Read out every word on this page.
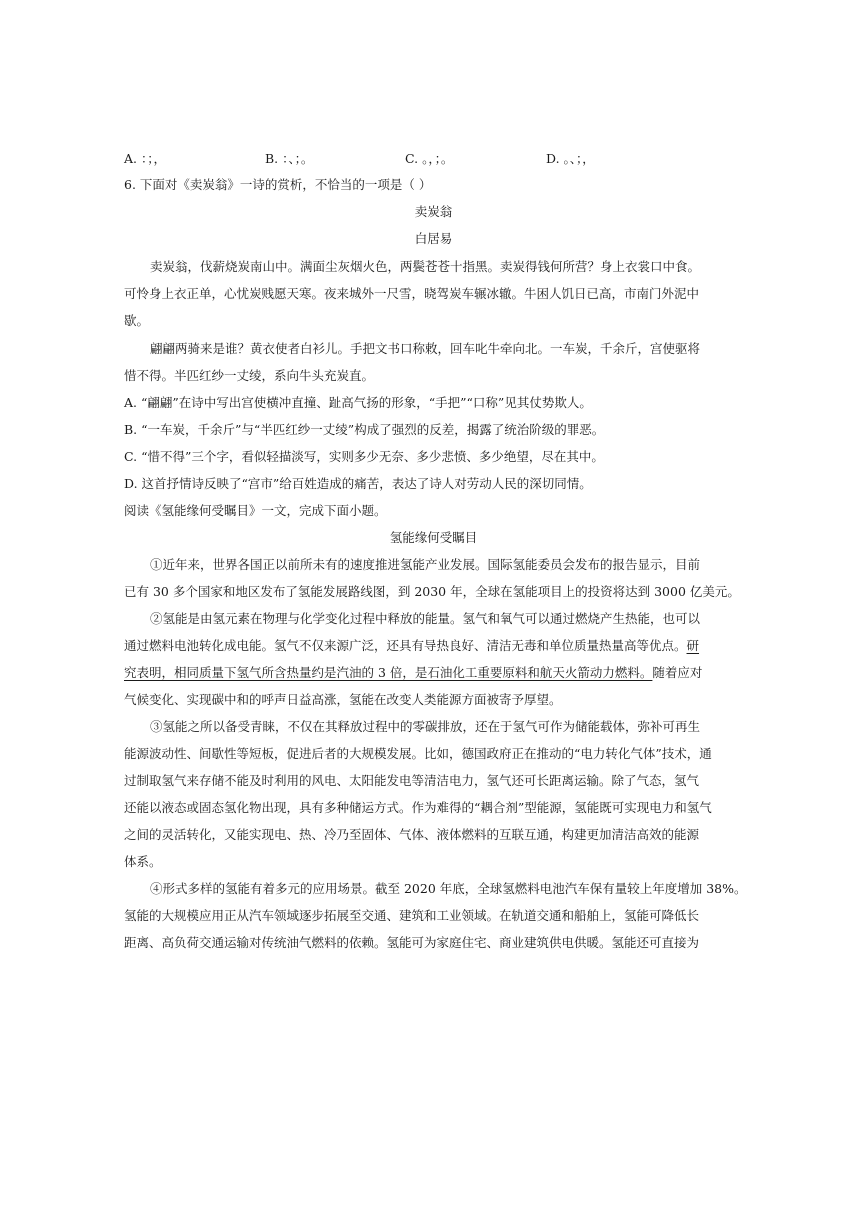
A. ：；，	B. ：、；。	C. 。，；。	D. 。、；，
6. 下面对《卖炭翁》一诗的赏析，不恰当的一项是（ ）
卖炭翁
白居易
卖炭翁，伐薪烧炭南山中。满面尘灰烟火色，两鬓苍苍十指黑。卖炭得钱何所营？身上衣裳口中食。
可怜身上衣正单，心忧炭贱愿天寒。夜来城外一尺雪，晓驾炭车辗冰辙。牛困人饥日已高，市南门外泥中
歇。
翩翩两骑来是谁？黄衣使者白衫儿。手把文书口称敕，回车叱牛牵向北。一车炭，千余斤，宫使驱将
惜不得。半匹红纱一丈绫，系向牛头充炭直。
A. “翩翩”在诗中写出宫使横冲直撞、趾高气扬的形象，“手把”“口称”见其仗势欺人。
B. “一车炭，千余斤”与“半匹红纱一丈绫”构成了强烈的反差，揭露了统治阶级的罪恶。
C. “惜不得”三个字，看似轻描淡写，实则多少无奈、多少悲愤、多少绝望，尽在其中。
D. 这首抒情诗反映了“宫市”给百姓造成的痛苦，表达了诗人对劳动人民的深切同情。
阅读《氢能缘何受瞩目》一文，完成下面小题。
氢能缘何受瞩目
①近年来，世界各国正以前所未有的速度推进氢能产业发展。国际氢能委员会发布的报告显示，目前
已有 30 多个国家和地区发布了氢能发展路线图，到 2030 年，全球在氢能项目上的投资将达到 3000 亿美元。
②氢能是由氢元素在物理与化学变化过程中释放的能量。氢气和氧气可以通过燃烧产生热能，也可以
通过燃料电池转化成电能。氢气不仅来源广泛，还具有导热良好、清洁无毒和单位质量热量高等优点。研
究表明，相同质量下氢气所含热量约是汽油的 3 倍，是石油化工重要原料和航天火箭动力燃料。随着应对
气候变化、实现碳中和的呼声日益高涨，氢能在改变人类能源方面被寄予厚望。
③氢能之所以备受青睐，不仅在其释放过程中的零碳排放，还在于氢气可作为储能载体，弥补可再生
能源波动性、间歇性等短板，促进后者的大规模发展。比如，德国政府正在推动的“电力转化气体”技术，通
过制取氢气来存储不能及时利用的风电、太阳能发电等清洁电力，氢气还可长距离运输。除了气态，氢气
还能以液态或固态氢化物出现，具有多种储运方式。作为难得的“耦合剂”型能源，氢能既可实现电力和氢气
之间的灵活转化，又能实现电、热、冷乃至固体、气体、液体燃料的互联互通，构建更加清洁高效的能源
体系。
④形式多样的氢能有着多元的应用场景。截至 2020 年底，全球氢燃料电池汽车保有量较上年度增加 38%。
氢能的大规模应用正从汽车领域逐步拓展至交通、建筑和工业领域。在轨道交通和船舶上，氢能可降低长
距离、高负荷交通运输对传统油气燃料的依赖。氢能可为家庭住宅、商业建筑供电供暖。氢能还可直接为
